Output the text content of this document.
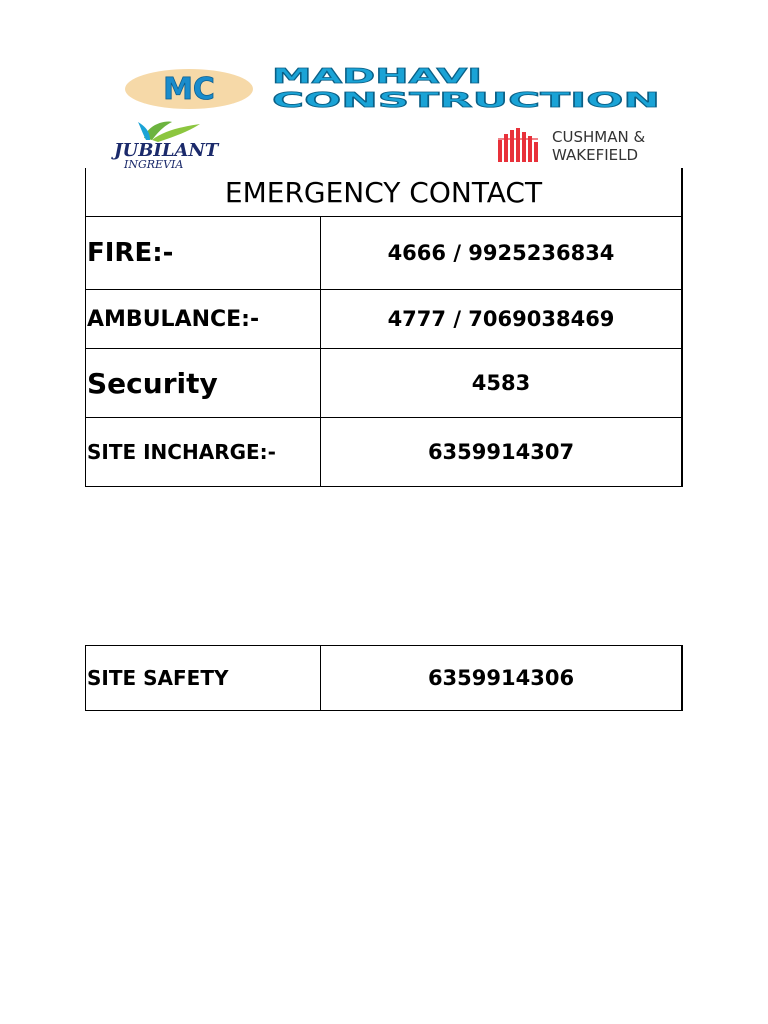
MC	MADHAVI
CONSTRUCTION
JUBILANT
INGREVIA
CUSHMAN &
WAKEFIELD
EMERGENCY CONTACT	
FIRE:-	4666 / 9925236834
AMBULANCE:-	4777 / 7069038469
Security	4583
SITE INCHARGE:-	6359914307
SITE SAFETY	6359914306
